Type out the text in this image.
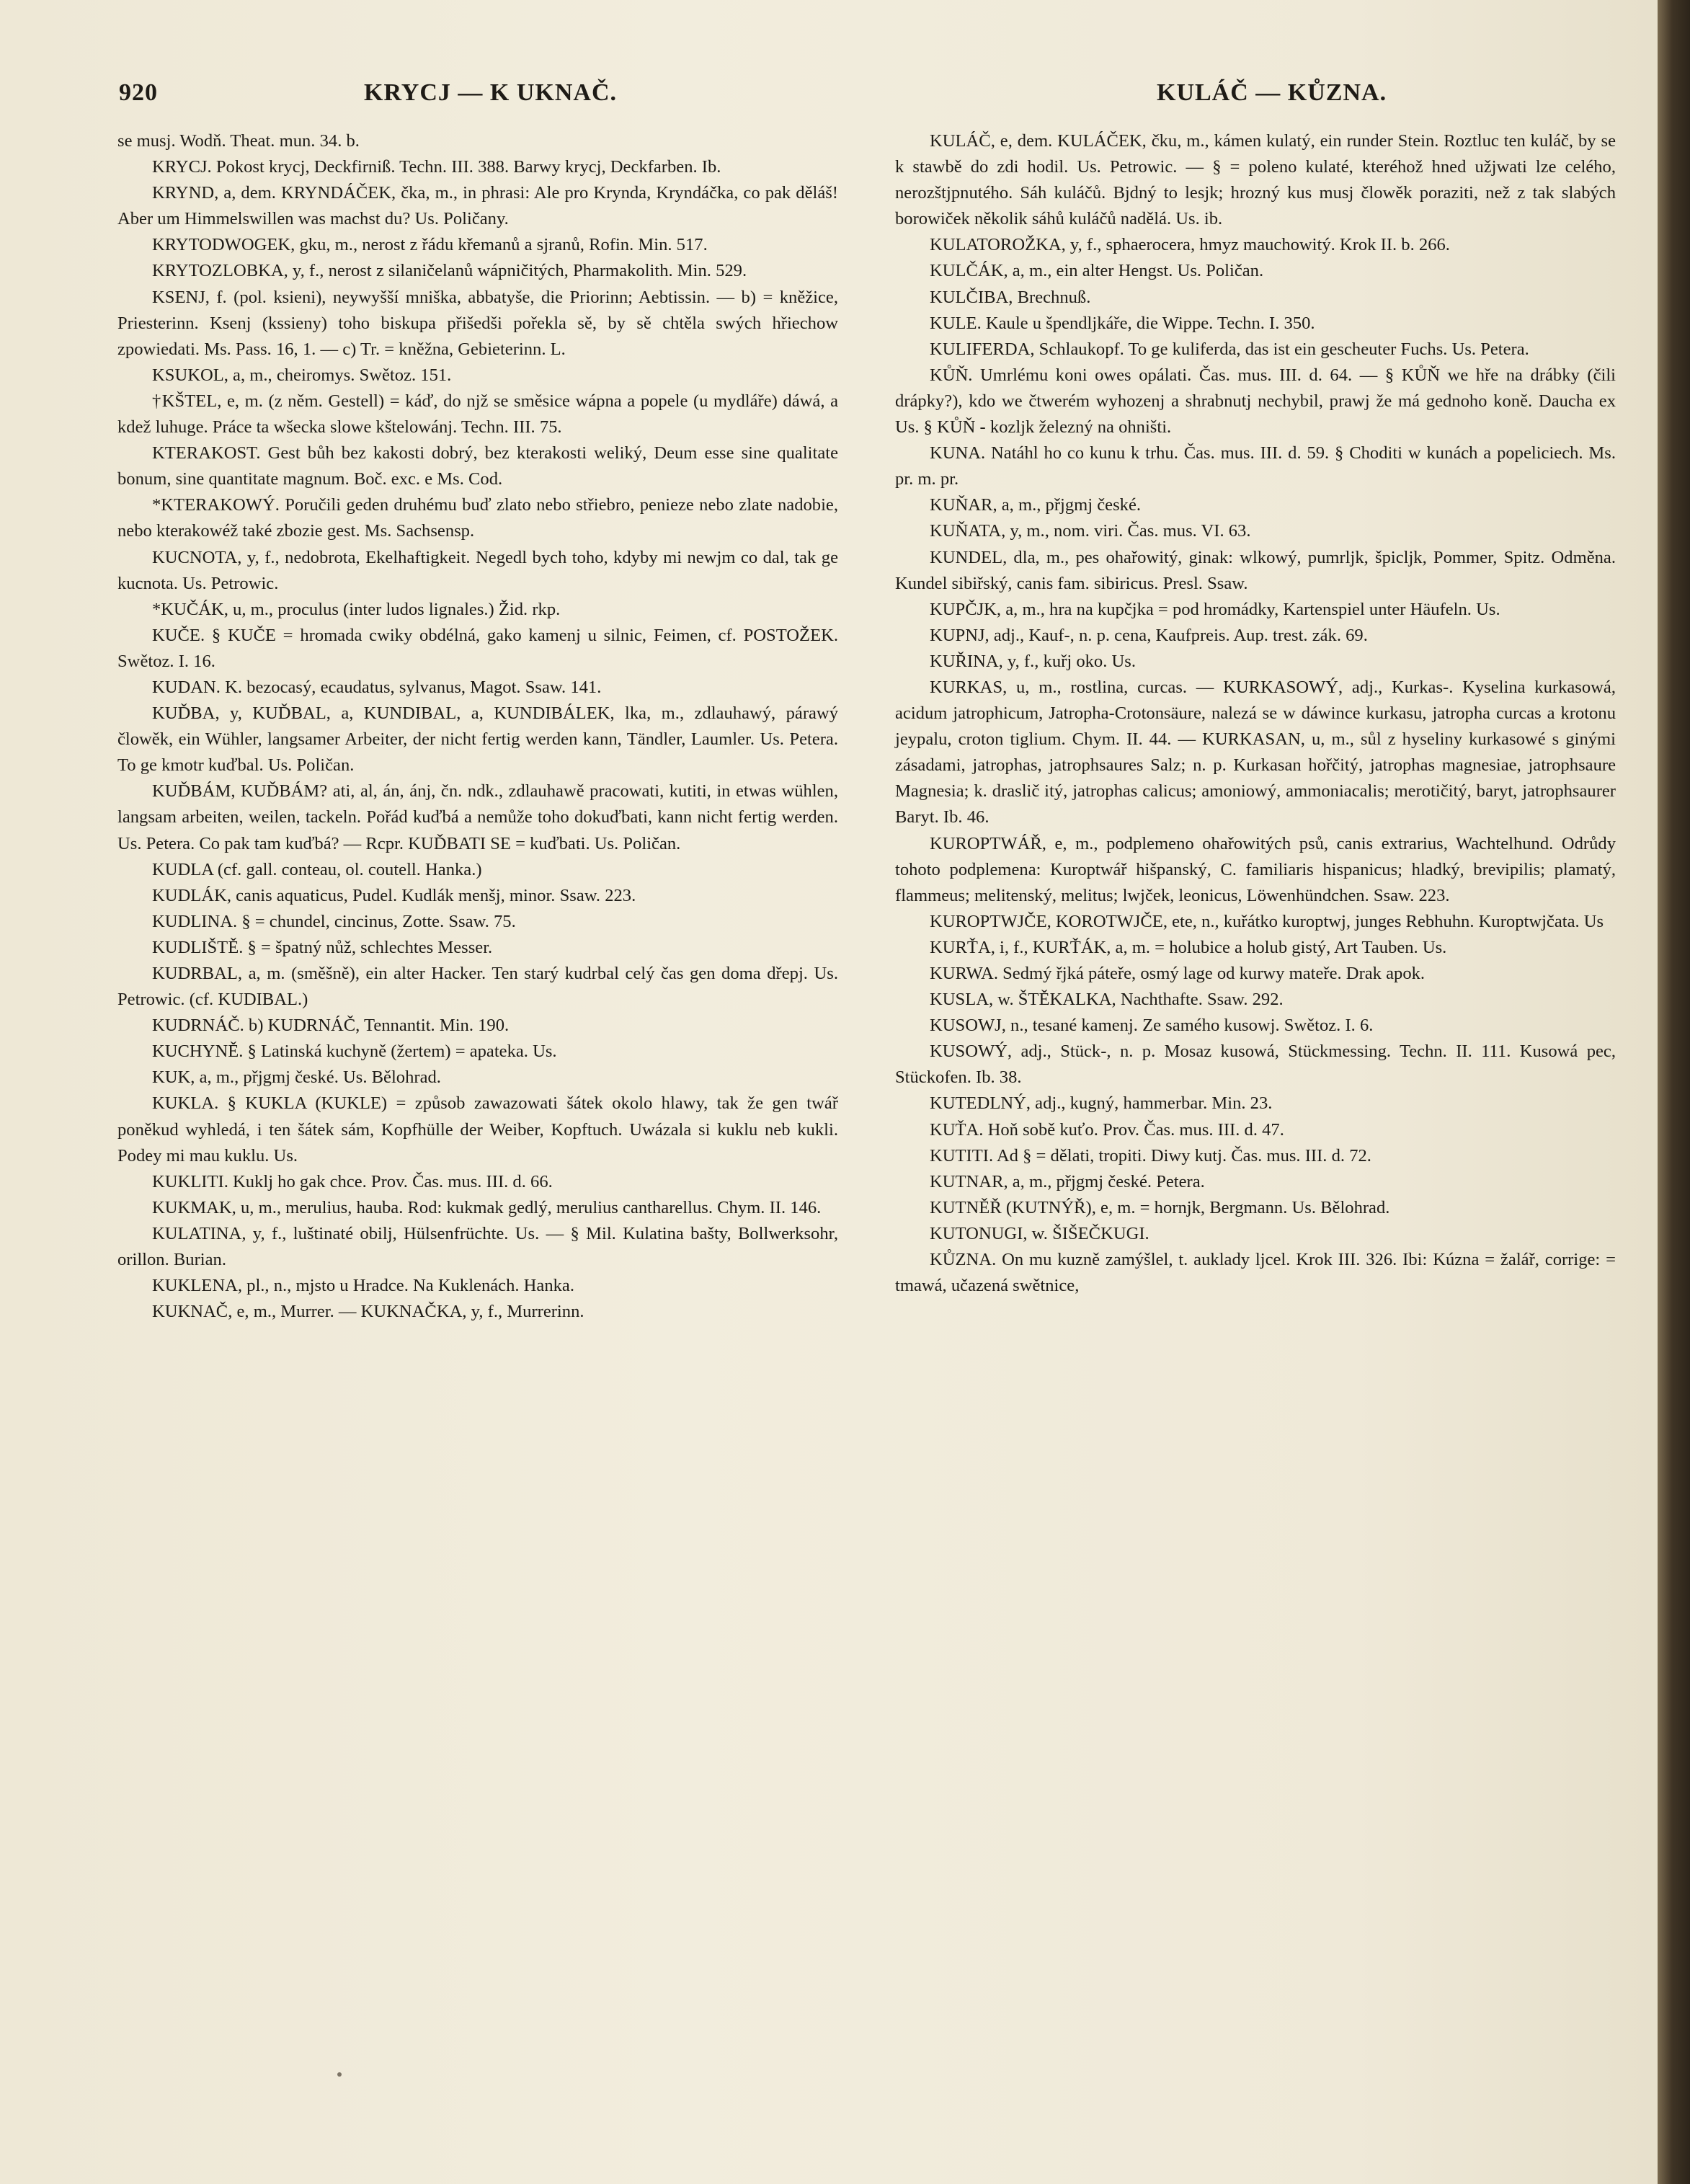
920	KRYCJ — K UKNAČ.	KULÁČ — KŮZNA.

se musj. Wodň. Theat. mun. 34. b.

KRYCJ. Pokost krycj, Deckfirniß. Techn. III. 388. Barwy krycj, Deckfarben. Ib.

KRYND, a, dem. KRYNDÁČEK, čka, m., in phrasi: Ale pro Krynda, Kryndáčka, co pak děláš! Aber um Himmelswillen was machst du? Us. Poličany.

KRYTODWOGEK, gku, m., nerost z řádu křemanů a sjranů, Rofin. Min. 517.

KRYTOZLOBKA, y, f., nerost z silaničelanů wápničitých, Pharmakolith. Min. 529.

KSENJ, f. (pol. ksieni), neywyšší mniška, abbatyše, die Priorinn; Aebtissin. — b) = kněžice, Priesterinn. Ksenj (kssieny) toho biskupa přišedši pořekla sě, by sě chtěla swých hřiechow zpowiedati. Ms. Pass. 16, 1. — c) Tr. = kněžna, Gebieterinn. L.

KSUKOL, a, m., cheiromys. Swětoz. 151.

†KŠTEL, e, m. (z něm. Gestell) = káď, do njž se směsice wápna a popele (u mydláře) dáwá, a kdež luhuge. Práce ta wšecka slowe kštelowánj. Techn. III. 75.

KTERAKOST. Gest bůh bez kakosti dobrý, bez kterakosti weliký, Deum esse sine qualitate bonum, sine quantitate magnum. Boč. exc. e Ms. Cod.

*KTERAKOWÝ. Poručili geden druhému buď zlato nebo střiebro, penieze nebo zlate nadobie, nebo kterakowéž také zbozie gest. Ms. Sachsensp.

KUCNOTA, y, f., nedobrota, Ekelhaftigkeit. Negedl bych toho, kdyby mi newjm co dal, tak ge kucnota. Us. Petrowic.

*KUČÁK, u, m., proculus (inter ludos lignales.) Žid. rkp.

KUČE. § KUČE = hromada cwiky obdélná, gako kamenj u silnic, Feimen, cf. POSTOŽEK. Swětoz. I. 16.

KUDAN. K. bezocasý, ecaudatus, sylvanus, Magot. Ssaw. 141.

KUĎBA, y, KUĎBAL, a, KUNDIBAL, a, KUNDIBÁLEK, lka, m., zdlauhawý, párawý člowěk, ein Wühler, langsamer Arbeiter, der nicht fertig werden kann, Tändler, Laumler. Us. Petera. To ge kmotr kuďbal. Us. Poličan.

KUĎBÁM, KUĎBÁM? ati, al, án, ánj, čn. ndk., zdlauhawě pracowati, kutiti, in etwas wühlen, langsam arbeiten, weilen, tackeln. Pořád kuďbá a nemůže toho dokuďbati, kann nicht fertig werden. Us. Petera. Co pak tam kuďbá? — Rcpr. KUĎBATI SE = kuďbati. Us. Poličan.

KUDLA (cf. gall. conteau, ol. coutell. Hanka.)

KUDLÁK, canis aquaticus, Pudel. Kudlák menšj, minor. Ssaw. 223.

KUDLINA. § = chundel, cincinus, Zotte. Ssaw. 75.

KUDLIŠTĚ. § = špatný nůž, schlechtes Messer.

KUDRBAL, a, m. (směšně), ein alter Hacker. Ten starý kudrbal celý čas gen doma dřepj. Us. Petrowic. (cf. KUDIBAL.)

KUDRNÁČ. b) KUDRNÁČ, Tennantit. Min. 190.

KUCHYNĚ. § Latinská kuchyně (žertem) = apateka. Us.

KUK, a, m., přjgmj české. Us. Bělohrad.

KUKLA. § KUKLA (KUKLE) = způsob zawazowati šátek okolo hlawy, tak že gen twář poněkud wyhledá, i ten šátek sám, Kopfhülle der Weiber, Kopftuch. Uwázala si kuklu neb kukli. Podey mi mau kuklu. Us.

KUKLITI. Kuklj ho gak chce. Prov. Čas. mus. III. d. 66.

KUKMAK, u, m., merulius, hauba. Rod: kukmak gedlý, merulius cantharellus. Chym. II. 146.

KULATINA, y, f., luštinaté obilj, Hülsenfrüchte. Us. — § Mil. Kulatina bašty, Bollwerksohr, orillon. Burian.

KUKLENA, pl., n., mjsto u Hradce. Na Kuklenách. Hanka.

KUKNAČ, e, m., Murrer. — KUKNAČKA, y, f., Murrerinn.

KULÁČ, e, dem. KULÁČEK, čku, m., kámen kulatý, ein runder Stein. Roztluc ten kuláč, by se k stawbě do zdi hodil. Us. Petrowic. — § = poleno kulaté, kteréhož hned užjwati lze celého, nerozštjpnutého. Sáh kuláčů. Bjdný to lesjk; hrozný kus musj člowěk poraziti, než z tak slabých borowiček několik sáhů kuláčů nadělá. Us. ib.

KULATOROŽKA, y, f., sphaerocera, hmyz mauchowitý. Krok II. b. 266.

KULČÁK, a, m., ein alter Hengst. Us. Poličan.

KULČIBA, Brechnuß.

KULE. Kaule u špendljkáře, die Wippe. Techn. I. 350.

KULIFERDA, Schlaukopf. To ge kuliferda, das ist ein gescheuter Fuchs. Us. Petera.

KŮŇ. Umrlému koni owes opálati. Čas. mus. III. d. 64. — § KŮŇ we hře na drábky (čili drápky?), kdo we čtwerém wyhozenj a shrabnutj nechybil, prawj že má gednoho koně. Daucha ex Us. § KŮŇ - kozljk železný na ohništi.

KUNA. Natáhl ho co kunu k trhu. Čas. mus. III. d. 59. § Choditi w kunách a popeliciech. Ms. pr. m. pr.

KUŇAR, a, m., přjgmj české.

KUŇATA, y, m., nom. viri. Čas. mus. VI. 63.

KUNDEL, dla, m., pes ohařowitý, ginak: wlkowý, pumrljk, špicljk, Pommer, Spitz. Odměna. Kundel sibiřský, canis fam. sibiricus. Presl. Ssaw.

KUPČJK, a, m., hra na kupčjka = pod hromádky, Kartenspiel unter Häufeln. Us.

KUPNJ, adj., Kauf-, n. p. cena, Kaufpreis. Aup. trest. zák. 69.

KUŘINA, y, f., kuřj oko. Us.

KURKAS, u, m., rostlina, curcas. — KURKASOWÝ, adj., Kurkas-. Kyselina kurkasowá, acidum jatrophicum, Jatropha-Crotonsäure, nalezá se w dáwince kurkasu, jatropha curcas a krotonu jeypalu, croton tiglium. Chym. II. 44. — KURKASAN, u, m., sůl z hyseliny kurkasowé s ginými zásadami, jatrophas, jatrophsaures Salz; n. p. Kurkasan hořčitý, jatrophas magnesiae, jatrophsaure Magnesia; k. draslič itý, jatrophas calicus; amoniowý, ammoniacalis; merotičitý, baryt, jatrophsaurer Baryt. Ib. 46.

KUROPTWÁŘ, e, m., podplemeno ohařowitých psů, canis extrarius, Wachtelhund. Odrůdy tohoto podplemena: Kuroptwář hišpanský, C. familiaris hispanicus; hladký, brevipilis; plamatý, flammeus; melitenský, melitus; lwjček, leonicus, Löwenhündchen. Ssaw. 223.

KUROPTWJČE, KOROTWJČE, ete, n., kuřátko kuroptwj, junges Rebhuhn. Kuroptwjčata. Us

KURŤA, i, f., KURŤÁK, a, m. = holubice a holub gistý, Art Tauben. Us.

KURWA. Sedmý řjká páteře, osmý lage od kurwy mateře. Drak apok.

KUSLA, w. ŠTĚKALKA, Nachthafte. Ssaw. 292.

KUSOWJ, n., tesané kamenj. Ze samého kusowj. Swětoz. I. 6.

KUSOWÝ, adj., Stück-, n. p. Mosaz kusowá, Stückmessing. Techn. II. 111. Kusowá pec, Stückofen. Ib. 38.

KUTEDLNÝ, adj., kugný, hammerbar. Min. 23.

KUŤA. Hoň sobě kuťo. Prov. Čas. mus. III. d. 47.

KUTITI. Ad § = dělati, tropiti. Diwy kutj. Čas. mus. III. d. 72.

KUTNAR, a, m., přjgmj české. Petera.

KUTNĚŘ (KUTNÝŘ), e, m. = hornjk, Bergmann. Us. Bělohrad.

KUTONUGI, w. ŠIŠEČKUGI.

KŮZNA. On mu kuzně zamýšlel, t. auklady ljcel. Krok III. 326. Ibi: Kúzna = žalář, corrige: = tmawá, učazená swětnice,
